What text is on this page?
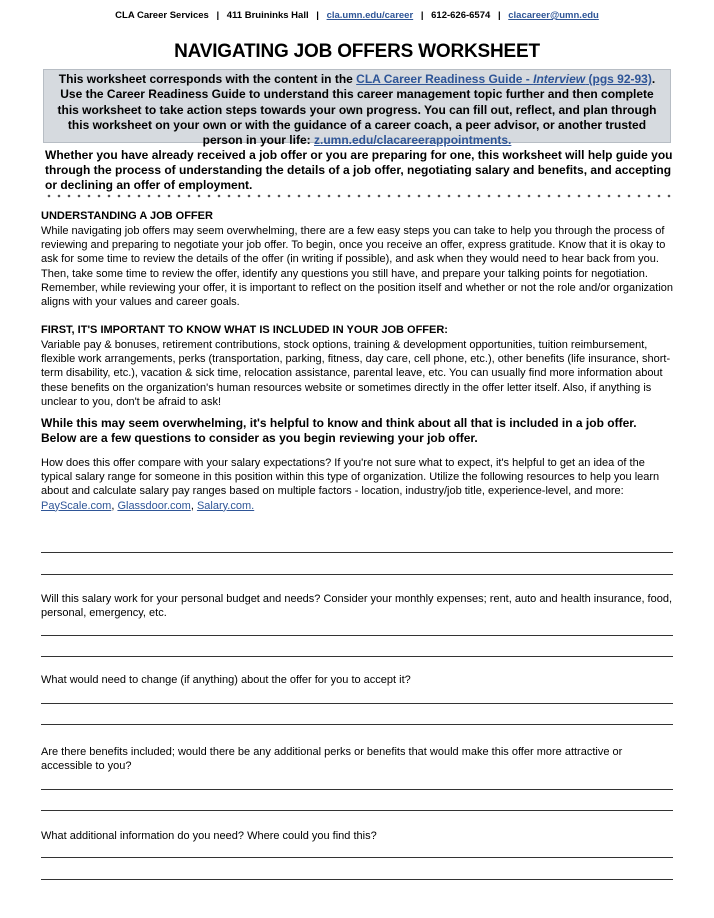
CLA Career Services | 411 Bruininks Hall | cla.umn.edu/career | 612-626-6574 | clacareer@umn.edu
NAVIGATING JOB OFFERS WORKSHEET
This worksheet corresponds with the content in the CLA Career Readiness Guide - Interview (pgs 92-93).
Use the Career Readiness Guide to understand this career management topic further and then complete
this worksheet to take action steps towards your own progress. You can fill out, reflect, and plan through
this worksheet on your own or with the guidance of a career coach, a peer advisor, or another trusted
person in your life: z.umn.edu/clacareerappointments.
Whether you have already received a job offer or you are preparing for one, this worksheet will help guide you through the process of understanding the details of a job offer, negotiating salary and benefits, and accepting or declining an offer of employment.
UNDERSTANDING A JOB OFFER
While navigating job offers may seem overwhelming, there are a few easy steps you can take to help you through the process of reviewing and preparing to negotiate your job offer. To begin, once you receive an offer, express gratitude. Know that it is okay to ask for some time to review the details of the offer (in writing if possible), and ask when they would need to hear back from you. Then, take some time to review the offer, identify any questions you still have, and prepare your talking points for negotiation. Remember, while reviewing your offer, it is important to reflect on the position itself and whether or not the role and/or organization aligns with your values and career goals.
FIRST, IT'S IMPORTANT TO KNOW WHAT IS INCLUDED IN YOUR JOB OFFER:
Variable pay & bonuses, retirement contributions, stock options, training & development opportunities, tuition reimbursement, flexible work arrangements, perks (transportation, parking, fitness, day care, cell phone, etc.), other benefits (life insurance, short-term disability, etc.), vacation & sick time, relocation assistance, parental leave, etc. You can usually find more information about these benefits on the organization's human resources website or sometimes directly in the offer letter itself. Also, if anything is unclear to you, don't be afraid to ask!
While this may seem overwhelming, it's helpful to know and think about all that is included in a job offer. Below are a few questions to consider as you begin reviewing your job offer.
How does this offer compare with your salary expectations? If you're not sure what to expect, it's helpful to get an idea of the typical salary range for someone in this position within this type of organization. Utilize the following resources to help you learn about and calculate salary pay ranges based on multiple factors - location, industry/job title, experience-level, and more: PayScale.com, Glassdoor.com, Salary.com.
Will this salary work for your personal budget and needs? Consider your monthly expenses; rent, auto and health insurance, food, personal, emergency, etc.
What would need to change (if anything) about the offer for you to accept it?
Are there benefits included; would there be any additional perks or benefits that would make this offer more attractive or accessible to you?
What additional information do you need? Where could you find this?
